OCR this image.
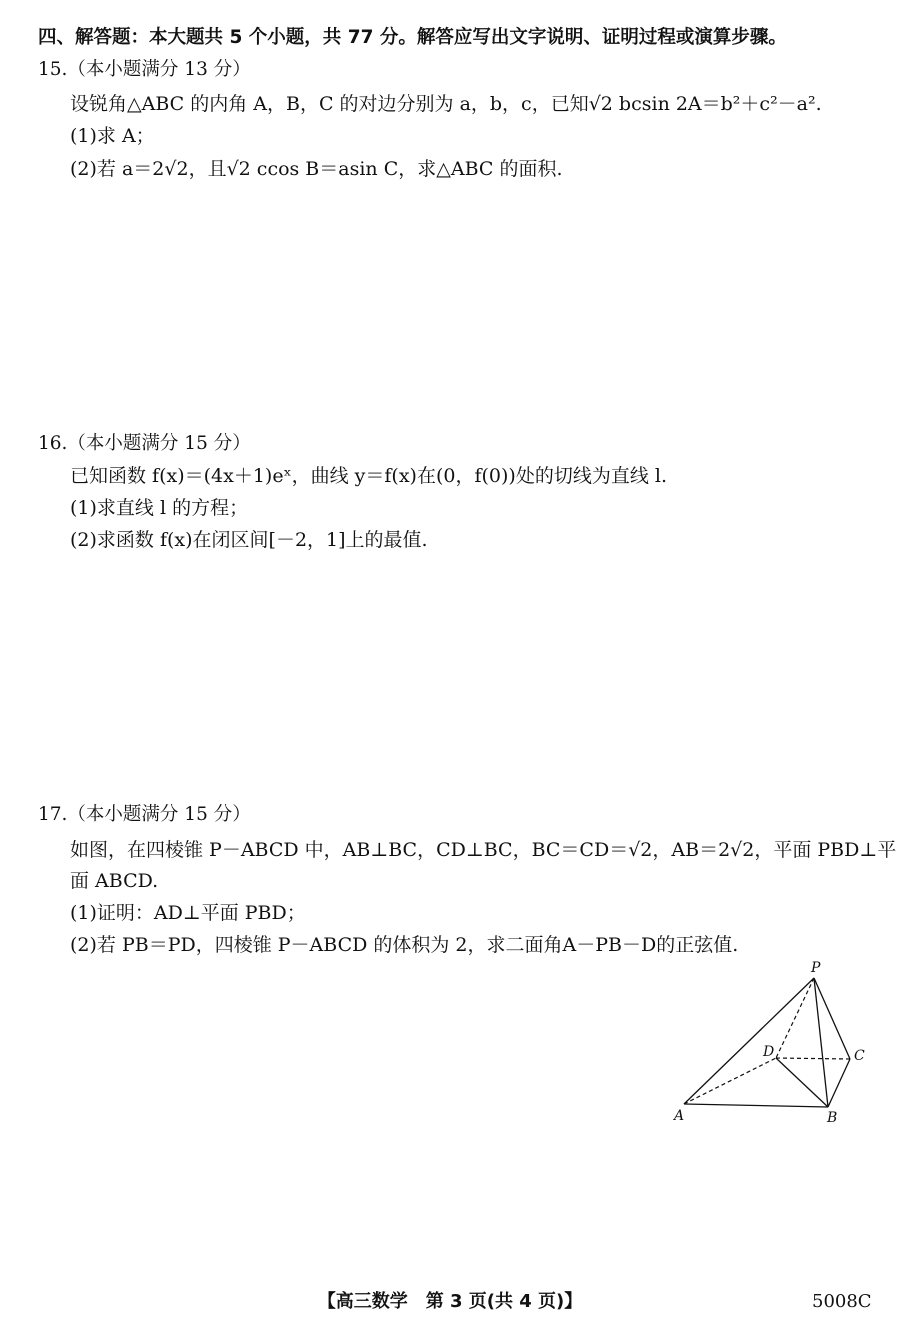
四、解答题：本大题共 5 个小题，共 77 分。解答应写出文字说明、证明过程或演算步骤。
15.（本小题满分 13 分）
设锐角△ABC 的内角 A，B，C 的对边分别为 a，b，c，已知√2 bcsin 2A＝b²＋c²－a².
(1)求 A；
(2)若 a＝2√2，且√2 ccos B＝asin C，求△ABC 的面积.
16.（本小题满分 15 分）
已知函数 f(x)＝(4x＋1)eˣ，曲线 y＝f(x)在(0，f(0))处的切线为直线 l.
(1)求直线 l 的方程；
(2)求函数 f(x)在闭区间[－2，1]上的最值.
17.（本小题满分 15 分）
如图，在四棱锥 P－ABCD 中，AB⊥BC，CD⊥BC，BC＝CD＝√2，AB＝2√2，平面 PBD⊥平
面 ABCD.
(1)证明：AD⊥平面 PBD；
(2)若 PB＝PD，四棱锥 P－ABCD 的体积为 2，求二面角A－PB－D的正弦值.
P
A	B
C
D
【高三数学　第 3 页(共 4 页)】	5008C
